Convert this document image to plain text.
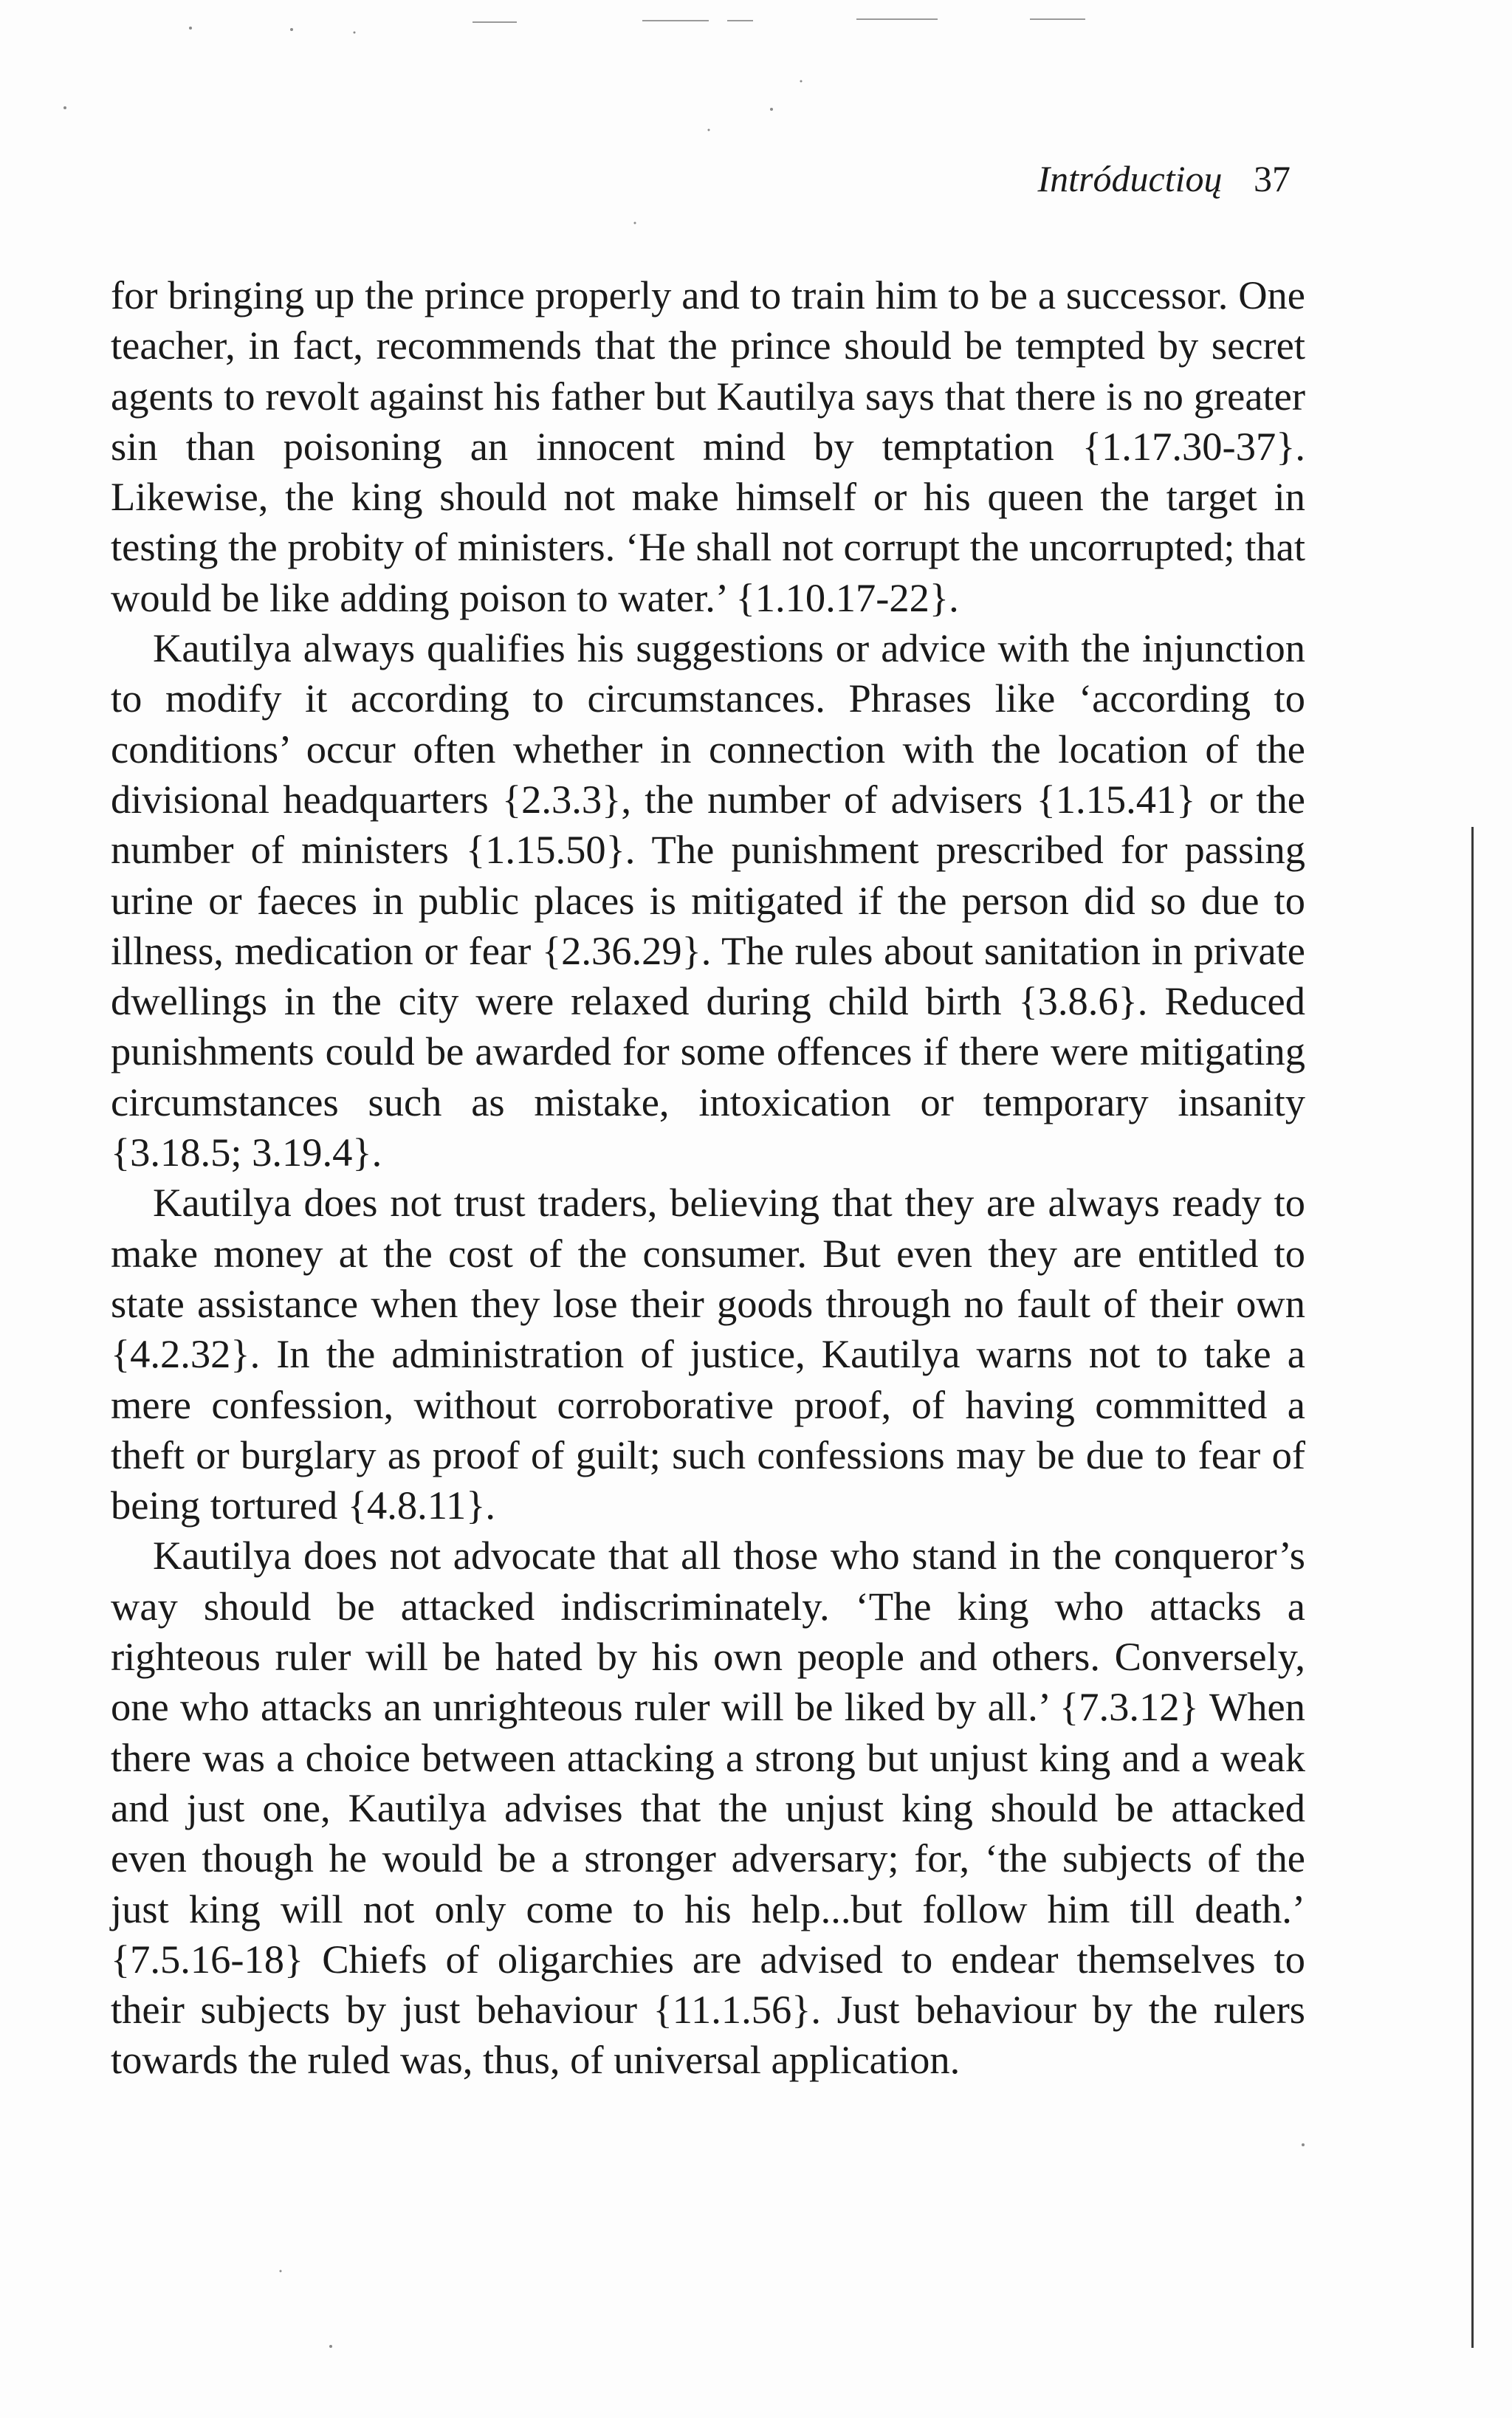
Intróductioų 37

for bringing up the prince properly and to train him to be a successor. One teacher, in fact, recommends that the prince should be tempted by secret agents to revolt against his father but Kautilya says that there is no greater sin than poisoning an innocent mind by temptation {1.17.30-37}. Likewise, the king should not make himself or his queen the target in testing the probity of ministers. ‘He shall not corrupt the uncorrupted; that would be like adding poison to water.’ {1.10.17-22}.

Kautilya always qualifies his suggestions or advice with the injunction to modify it according to circumstances. Phrases like ‘according to conditions’ occur often whether in connection with the location of the divisional headquarters {2.3.3}, the number of advisers {1.15.41} or the number of ministers {1.15.50}. The punishment prescribed for passing urine or faeces in public places is mitigated if the person did so due to illness, medication or fear {2.36.29}. The rules about sanitation in private dwellings in the city were relaxed during child birth {3.8.6}. Reduced punishments could be awarded for some offences if there were mitigating circumstances such as mistake, intoxication or temporary insanity {3.18.5; 3.19.4}.

Kautilya does not trust traders, believing that they are always ready to make money at the cost of the consumer. But even they are entitled to state assistance when they lose their goods through no fault of their own {4.2.32}. In the administration of justice, Kautilya warns not to take a mere confession, without corroborative proof, of having committed a theft or burglary as proof of guilt; such confessions may be due to fear of being tortured {4.8.11}.

Kautilya does not advocate that all those who stand in the conqueror’s way should be attacked indiscriminately. ‘The king who attacks a righteous ruler will be hated by his own people and others. Conversely, one who attacks an unrighteous ruler will be liked by all.’ {7.3.12} When there was a choice between attacking a strong but unjust king and a weak and just one, Kautilya advises that the unjust king should be attacked even though he would be a stronger adversary; for, ‘the subjects of the just king will not only come to his help...but follow him till death.’ {7.5.16-18} Chiefs of oligarchies are advised to endear themselves to their subjects by just behaviour {11.1.56}. Just behaviour by the rulers towards the ruled was, thus, of universal application.
